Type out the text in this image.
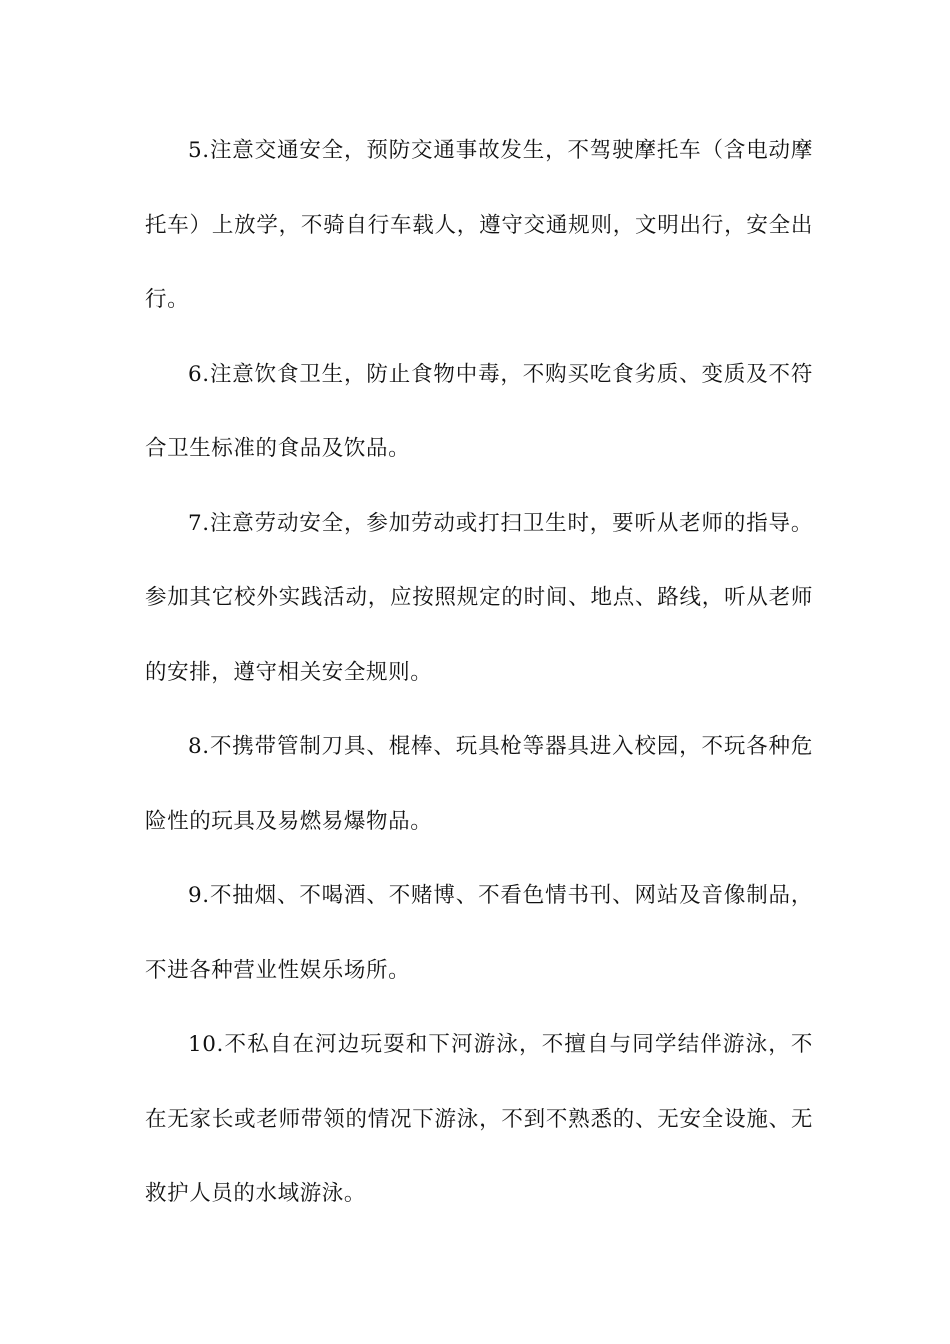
5.注意交通安全，预防交通事故发生，不驾驶摩托车（含电动摩托车）上放学，不骑自行车载人，遵守交通规则，文明出行，安全出行。

6.注意饮食卫生，防止食物中毒，不购买吃食劣质、变质及不符合卫生标准的食品及饮品。

7.注意劳动安全，参加劳动或打扫卫生时，要听从老师的指导。参加其它校外实践活动，应按照规定的时间、地点、路线，听从老师的安排，遵守相关安全规则。

8.不携带管制刀具、棍棒、玩具枪等器具进入校园，不玩各种危险性的玩具及易燃易爆物品。

9.不抽烟、不喝酒、不赌博、不看色情书刊、网站及音像制品，不进各种营业性娱乐场所。

10.不私自在河边玩耍和下河游泳，不擅自与同学结伴游泳，不在无家长或老师带领的情况下游泳，不到不熟悉的、无安全设施、无救护人员的水域游泳。
